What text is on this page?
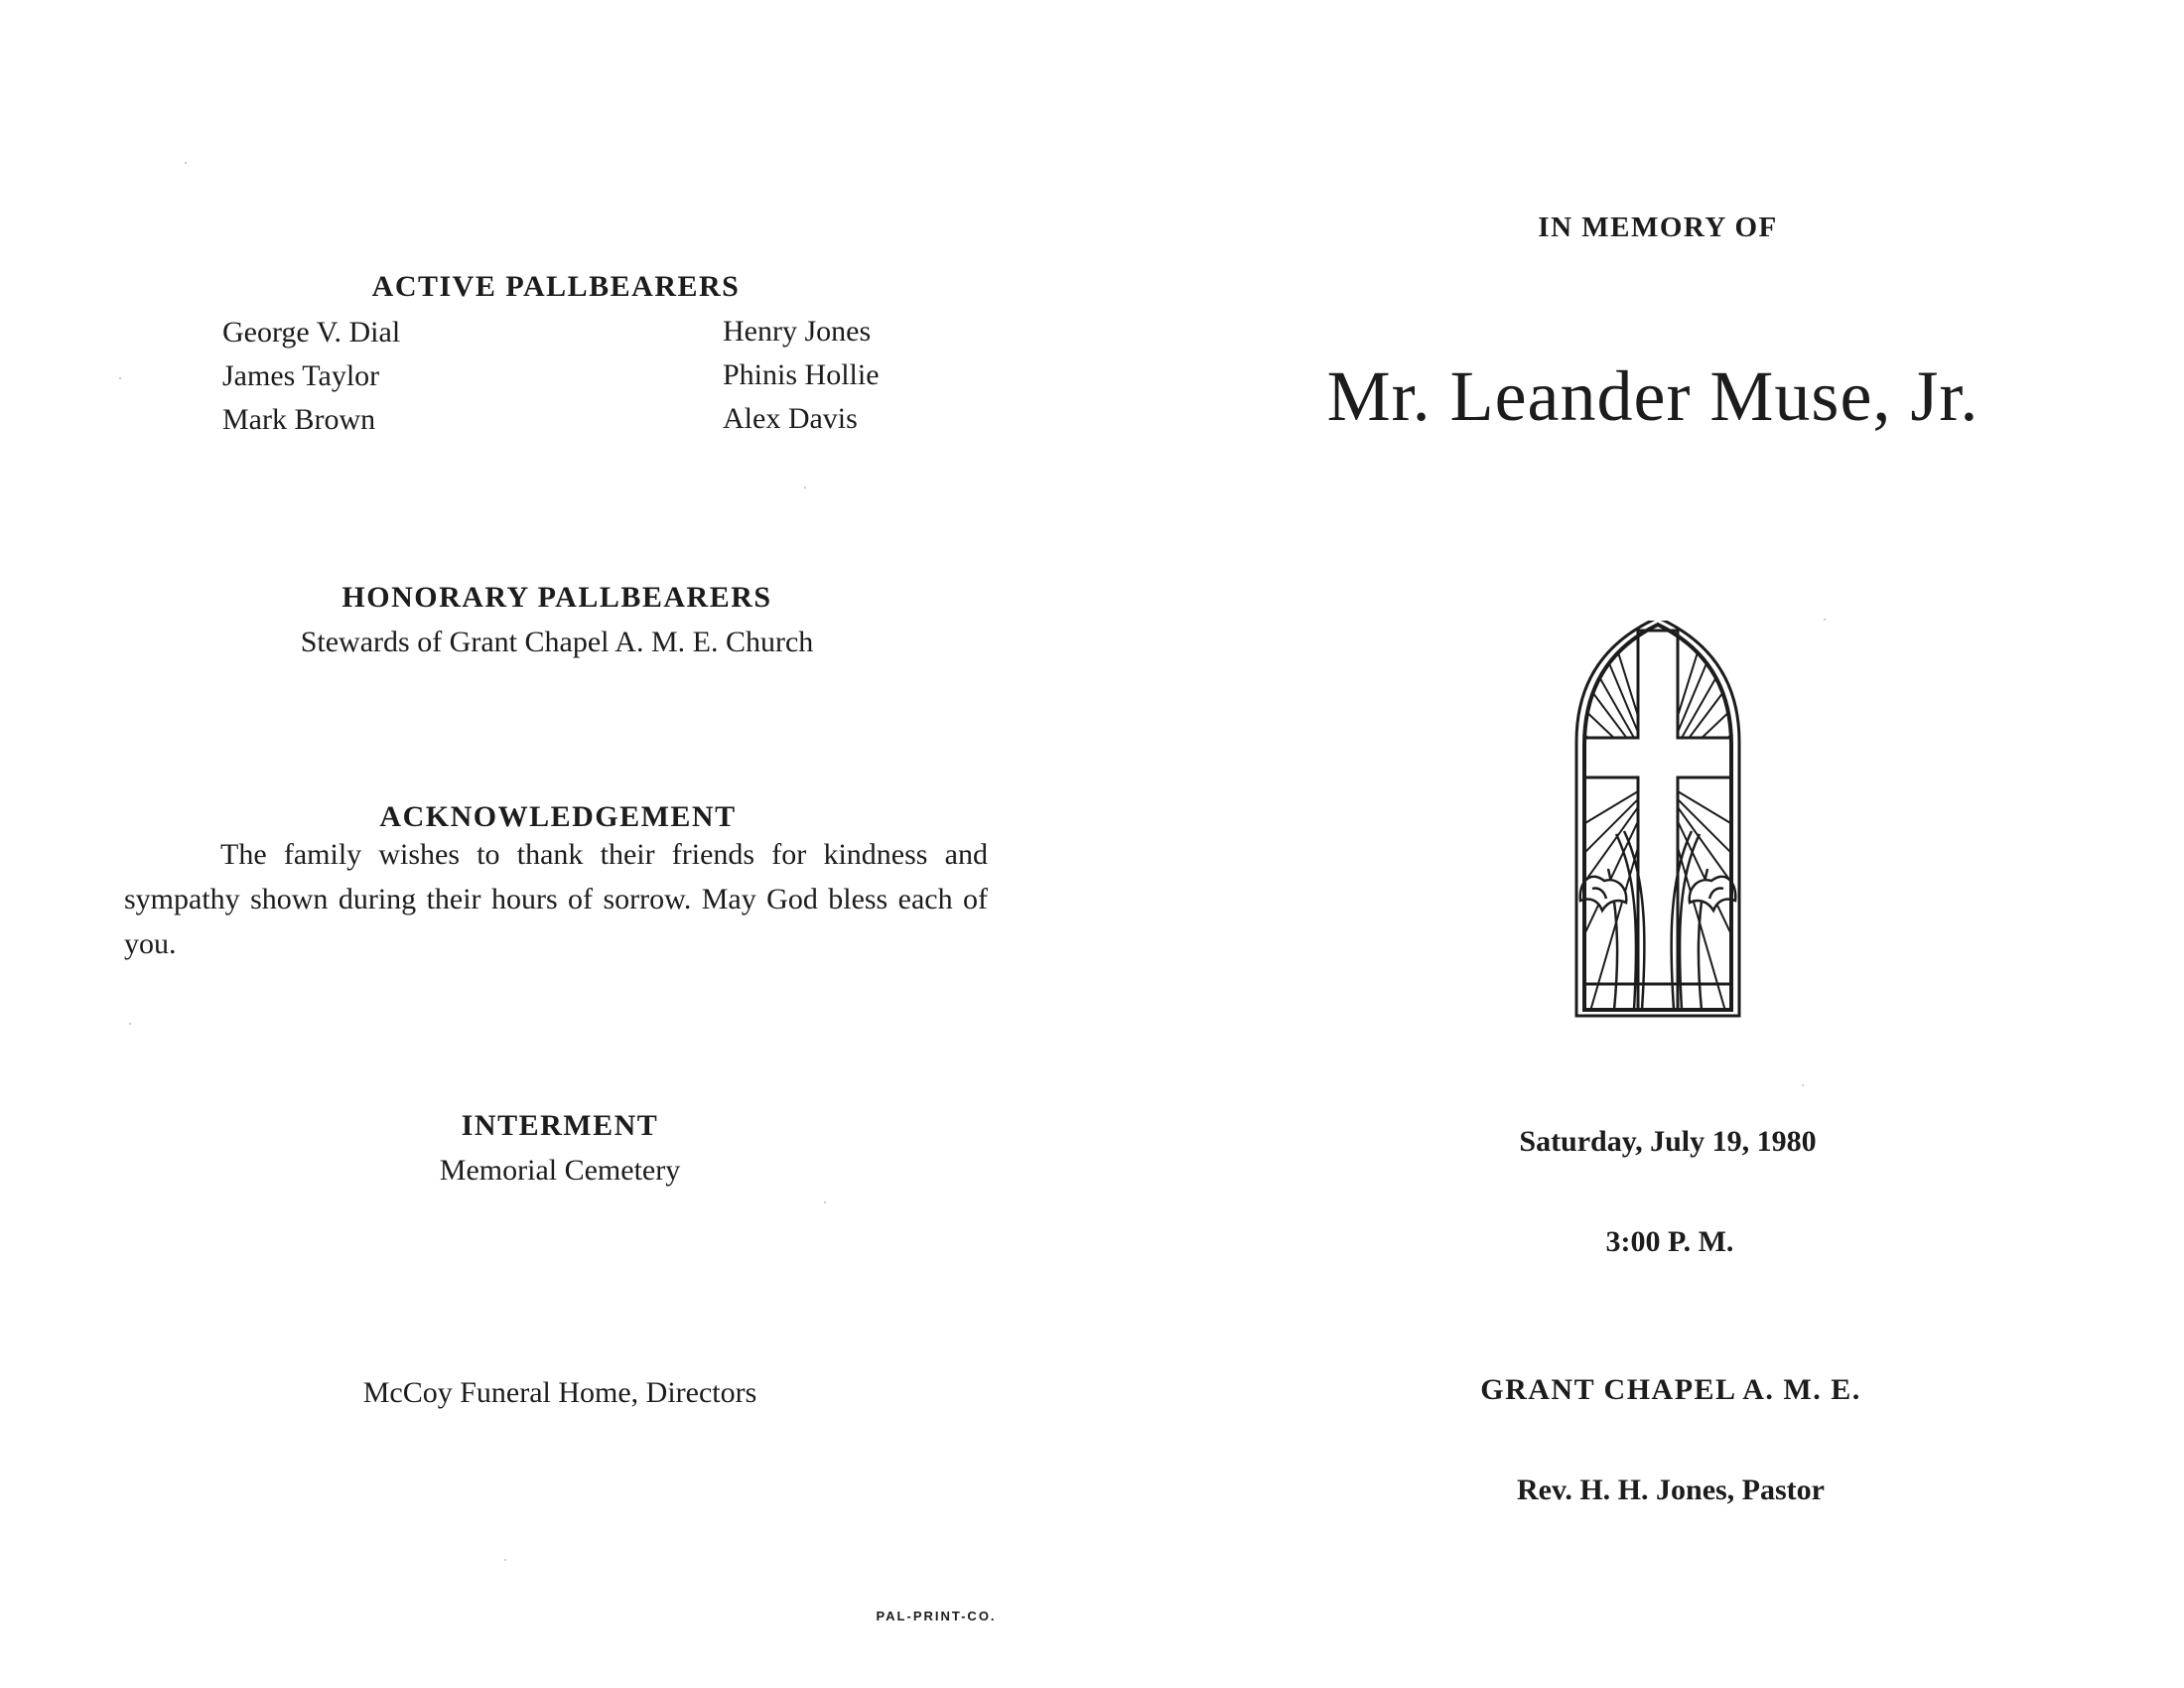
ACTIVE PALLBEARERS
George V. Dial
James Taylor
Mark Brown
Henry Jones
Phinis Hollie
Alex Davis
HONORARY PALLBEARERS
Stewards of Grant Chapel A. M. E. Church
ACKNOWLEDGEMENT
The family wishes to thank their friends for kindness and sympathy shown during their hours of sorrow. May God bless each of you.
INTERMENT
Memorial Cemetery
McCoy Funeral Home, Directors
PAL-PRINT-CO.
IN MEMORY OF
Mr. Leander Muse, Jr.
Saturday, July 19, 1980
3:00 P. M.
GRANT CHAPEL A. M. E.
Rev. H. H. Jones, Pastor
